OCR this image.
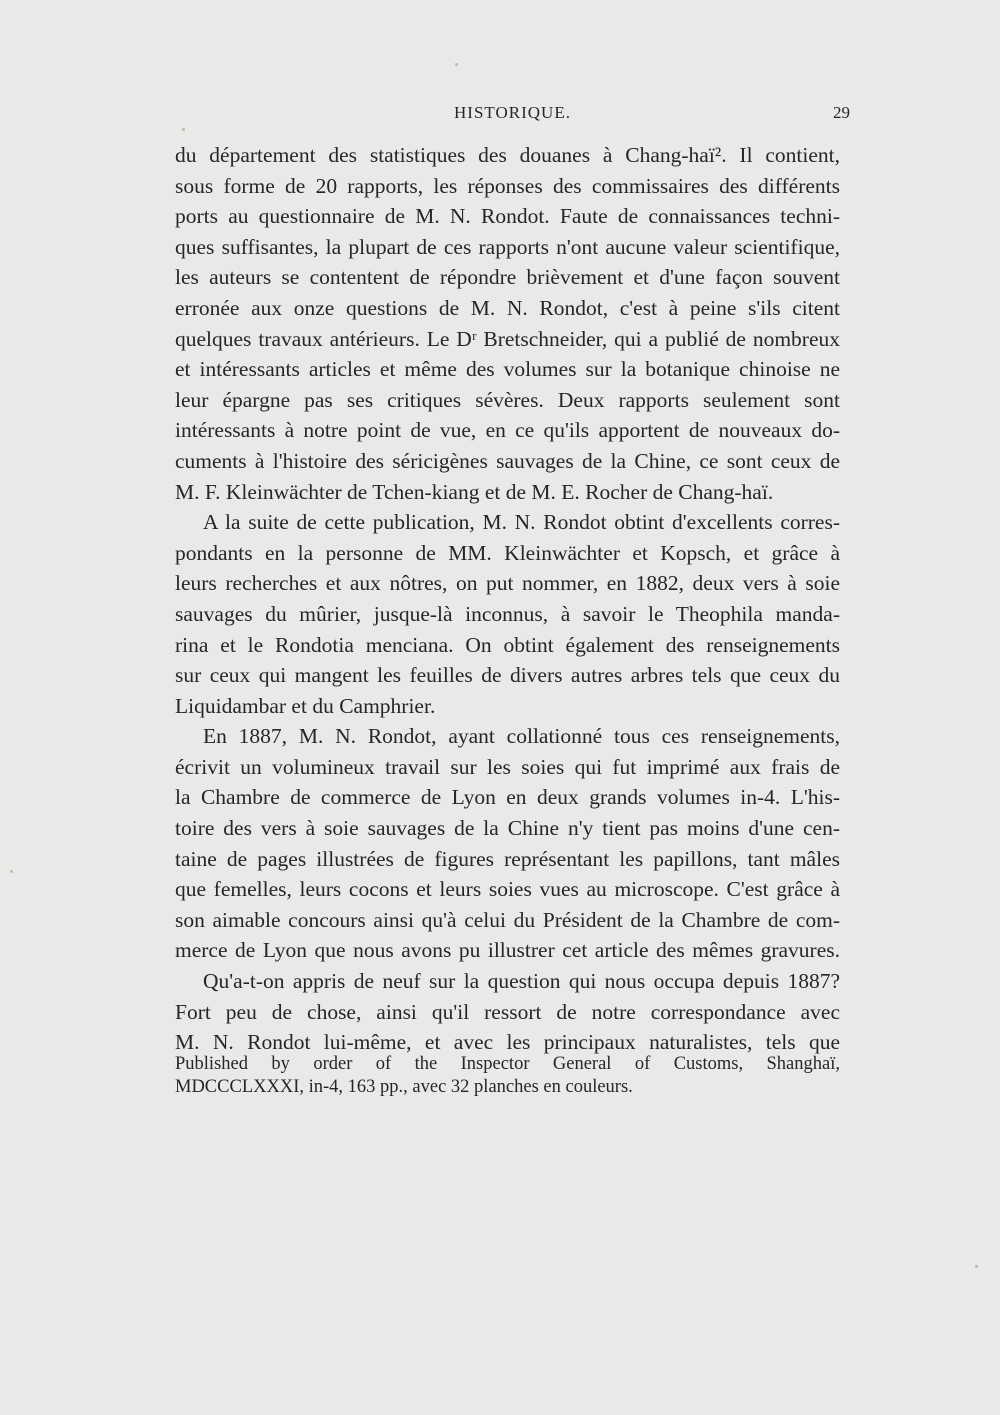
HISTORIQUE.	29
du département des statistiques des douanes à Chang-haï². Il contient,
sous forme de 20 rapports, les réponses des commissaires des différents
ports au questionnaire de M. N. Rondot. Faute de connaissances techni-
ques suffisantes, la plupart de ces rapports n'ont aucune valeur scientifique,
les auteurs se contentent de répondre brièvement et d'une façon souvent
erronée aux onze questions de M. N. Rondot, c'est à peine s'ils citent
quelques travaux antérieurs. Le Dʳ Bretschneider, qui a publié de nombreux
et intéressants articles et même des volumes sur la botanique chinoise ne
leur épargne pas ses critiques sévères. Deux rapports seulement sont
intéressants à notre point de vue, en ce qu'ils apportent de nouveaux do-
cuments à l'histoire des séricigènes sauvages de la Chine, ce sont ceux de
M. F. Kleinwächter de Tchen-kiang et de M. E. Rocher de Chang-haï.
A la suite de cette publication, M. N. Rondot obtint d'excellents corres-
pondants en la personne de MM. Kleinwächter et Kopsch, et grâce à
leurs recherches et aux nôtres, on put nommer, en 1882, deux vers à soie
sauvages du mûrier, jusque-là inconnus, à savoir le Theophila manda-
rina et le Rondotia menciana. On obtint également des renseignements
sur ceux qui mangent les feuilles de divers autres arbres tels que ceux du
Liquidambar et du Camphrier.
En 1887, M. N. Rondot, ayant collationné tous ces renseignements,
écrivit un volumineux travail sur les soies qui fut imprimé aux frais de
la Chambre de commerce de Lyon en deux grands volumes in-4. L'his-
toire des vers à soie sauvages de la Chine n'y tient pas moins d'une cen-
taine de pages illustrées de figures représentant les papillons, tant mâles
que femelles, leurs cocons et leurs soies vues au microscope. C'est grâce à
son aimable concours ainsi qu'à celui du Président de la Chambre de com-
merce de Lyon que nous avons pu illustrer cet article des mêmes gravures.
Qu'a-t-on appris de neuf sur la question qui nous occupa depuis 1887?
Fort peu de chose, ainsi qu'il ressort de notre correspondance avec
M. N. Rondot lui-même, et avec les principaux naturalistes, tels que
Published by order of the Inspector General of Customs, Shanghaï,
MDCCCLXXXI, in-4, 163 pp., avec 32 planches en couleurs.
